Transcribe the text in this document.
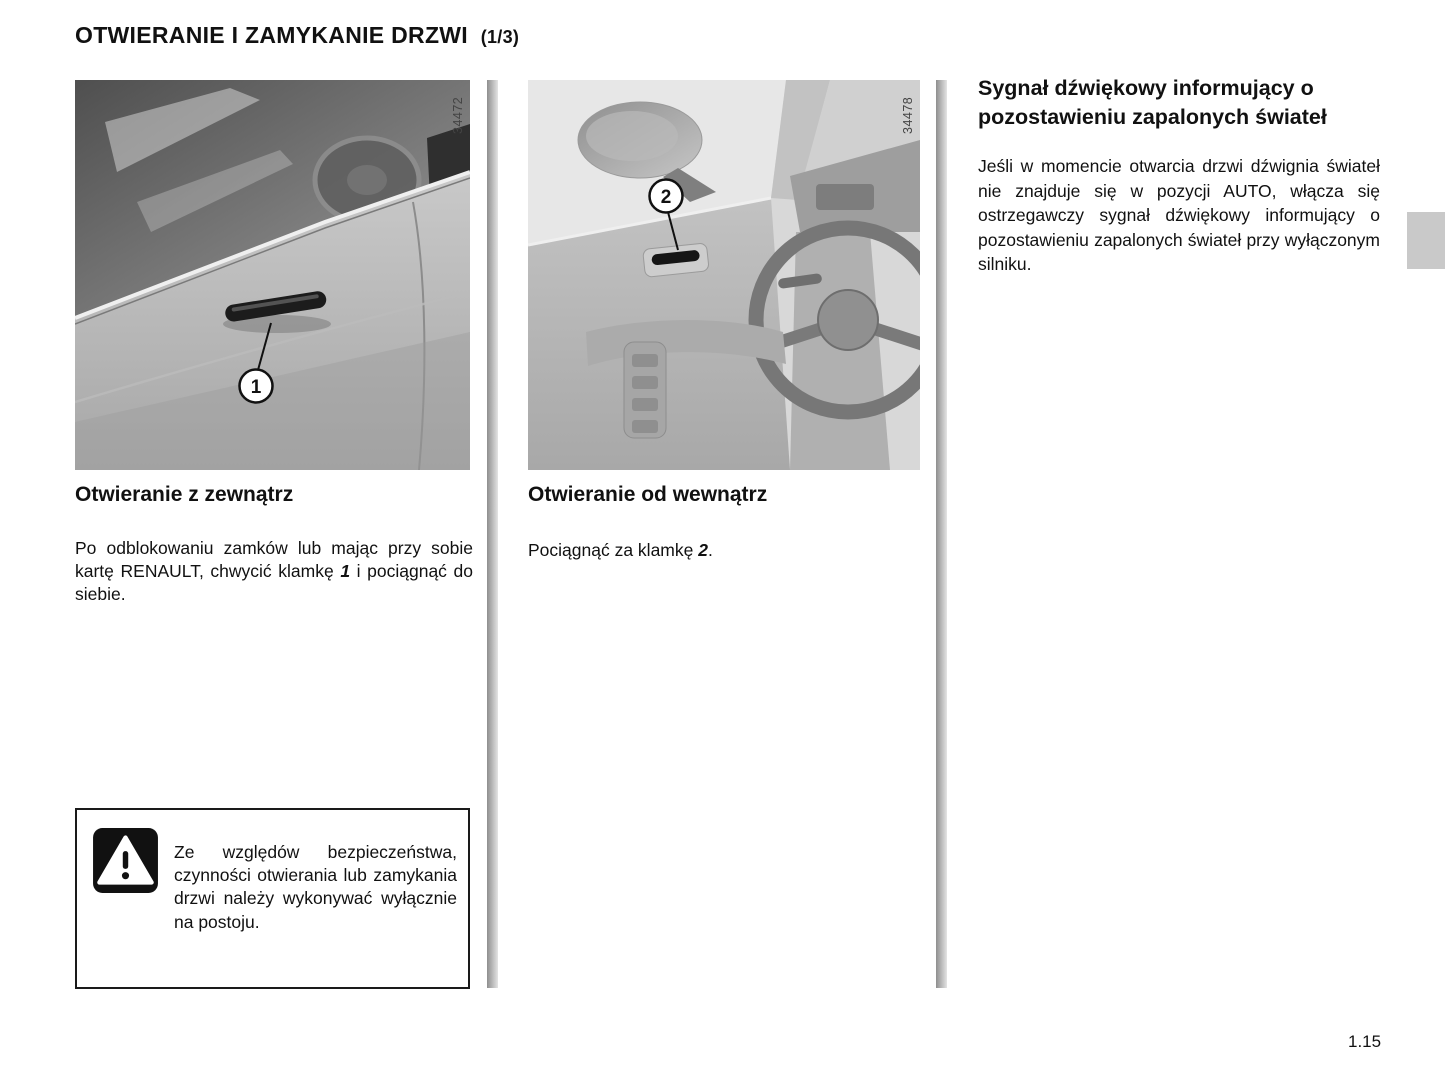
OTWIERANIE I ZAMYKANIE DRZWI (1/3)
1
34472
2
34478
Otwieranie z zewnątrz

Po odblokowaniu zamków lub mając przy sobie kartę RENAULT, chwycić klamkę 1 i pociągnąć do siebie.

Otwieranie od wewnątrz

Pociągnąć za klamkę 2.

Sygnał dźwiękowy informujący o pozostawieniu zapalonych świateł

Jeśli w momencie otwarcia drzwi dźwignia świateł nie znajduje się w pozycji AUTO, włącza się ostrzegawczy sygnał dźwiękowy informujący o pozostawieniu zapalonych świateł przy wyłączonym silniku.

Ze względów bezpieczeństwa, czynności otwierania lub zamykania drzwi należy wykonywać wyłącznie na postoju.

1.15
